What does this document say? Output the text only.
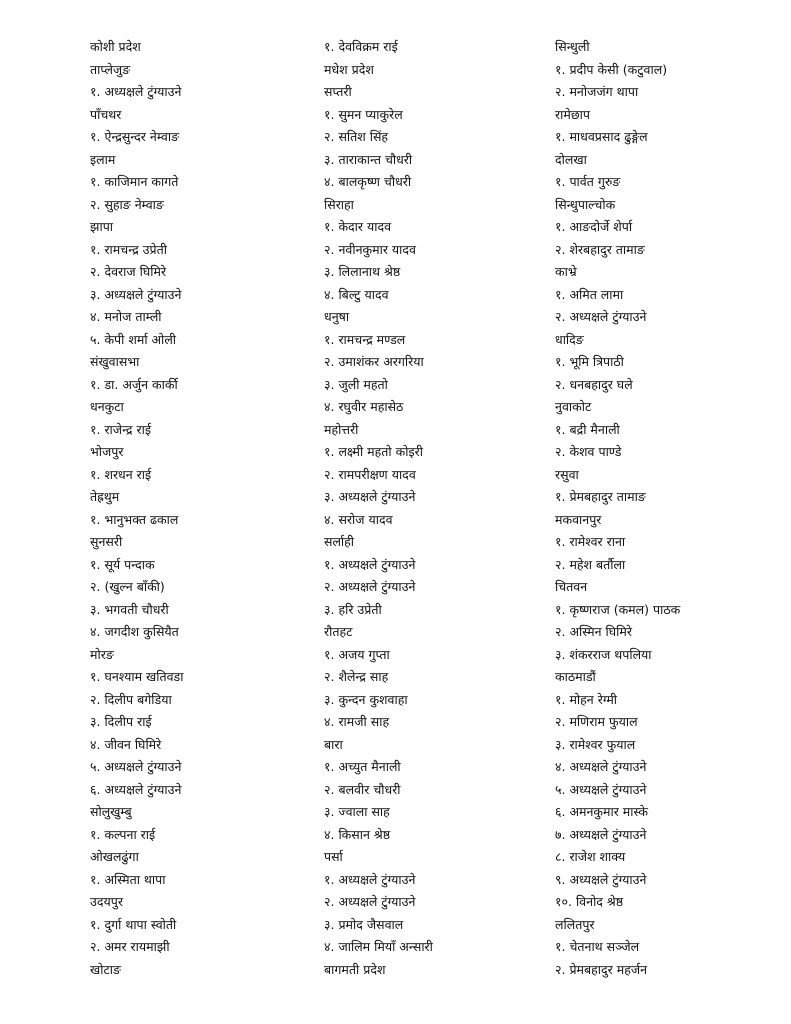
कोशी प्रदेश
ताप्लेजुङ
१. अध्यक्षले टुंग्याउने
पाँचथर
१. ऐन्द्रसुन्दर नेम्वाङ
इलाम
१. काजिमान कागते
२. सुहाङ नेम्वाङ
झापा
१. रामचन्द्र उप्रेती
२. देवराज घिमिरे
३. अध्यक्षले टुंग्याउने
४. मनोज ताम्ली
५. केपी शर्मा ओली
संखुवासभा
१. डा. अर्जुन कार्की
धनकुटा
१. राजेन्द्र राई
भोजपुर
१. शरधन राई
तेह्रथुम
१. भानुभक्त ढकाल
सुनसरी
१. सूर्य पन्दाक
२. (खुल्न बाँकी)
३. भगवती चौधरी
४. जगदीश कुसियैत
मोरङ
१. घनश्याम खतिवडा
२. दिलीप बगेडिया
३. दिलीप राई
४. जीवन घिमिरे
५. अध्यक्षले टुंग्याउने
६. अध्यक्षले टुंग्याउने
सोलुखुम्बु
१. कल्पना राई
ओखलढुंगा
१. अस्मिता थापा
उदयपुर
१. दुर्गा थापा स्वोती
२. अमर रायमाझी
खोटाङ
१. देवविक्रम राई
मधेश प्रदेश
सप्तरी
१. सुमन प्याकुरेल
२. सतिश सिंह
३. ताराकान्त चौधरी
४. बालकृष्ण चौधरी
सिराहा
१. केदार यादव
२. नवीनकुमार यादव
३. लिलानाथ श्रेष्ठ
४. बिल्टु यादव
धनुषा
१. रामचन्द्र मण्डल
२. उमाशंकर अरगरिया
३. जुली महतो
४. रघुवीर महासेठ
महोत्तरी
१. लक्ष्मी महतो कोइरी
२. रामपरीक्षण यादव
३. अध्यक्षले टुंग्याउने
४. सरोज यादव
सर्लाही
१. अध्यक्षले टुंग्याउने
२. अध्यक्षले टुंग्याउने
३. हरि उप्रेती
रौतहट
१. अजय गुप्ता
२. शैलेन्द्र साह
३. कुन्दन कुशवाहा
४. रामजी साह
बारा
१. अच्युत मैनाली
२. बलवीर चौधरी
३. ज्वाला साह
४. किसान श्रेष्ठ
पर्सा
१. अध्यक्षले टुंग्याउने
२. अध्यक्षले टुंग्याउने
३. प्रमोद जैसवाल
४. जालिम मियाँ अन्सारी
बागमती प्रदेश
सिन्धुली
१. प्रदीप केसी (कटुवाल)
२. मनोजजंग थापा
रामेछाप
१. माधवप्रसाद ढुङ्गेल
दोलखा
१. पार्वत गुरुङ
सिन्धुपाल्चोक
१. आङदोर्जे शेर्पा
२. शेरबहादुर तामाङ
काभ्रे
१. अमित लामा
२. अध्यक्षले टुंग्याउने
धादिङ
१. भूमि त्रिपाठी
२. धनबहादुर घले
नुवाकोट
१. बद्री मैनाली
२. केशव पाण्डे
रसुवा
१. प्रेमबहादुर तामाङ
मकवानपुर
१. रामेश्वर राना
२. महेश बर्तौला
चितवन
१. कृष्णराज (कमल) पाठक
२. अस्मिन घिमिरे
३. शंकरराज थपलिया
काठमाडौं
१. मोहन रेग्मी
२. मणिराम फुयाल
३. रामेश्वर फुयाल
४. अध्यक्षले टुंग्याउने
५. अध्यक्षले टुंग्याउने
६. अमनकुमार मास्के
७. अध्यक्षले टुंग्याउने
८. राजेश शाक्य
९. अध्यक्षले टुंग्याउने
१०. विनोद श्रेष्ठ
ललितपुर
१. चेतनाथ सञ्जेल
२. प्रेमबहादुर महर्जन
